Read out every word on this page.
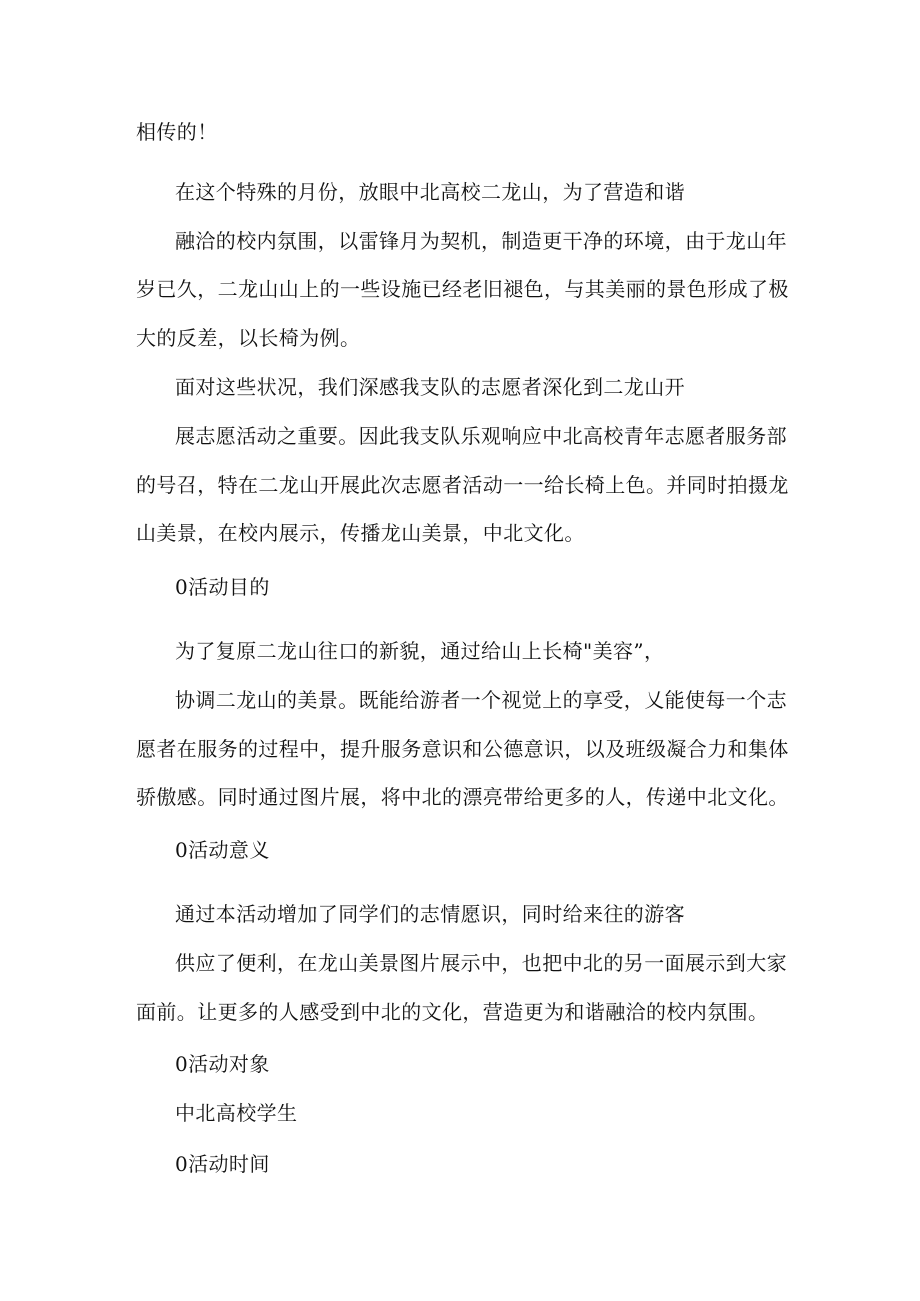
相传的！
在这个特殊的月份，放眼中北高校二龙山，为了营造和谐
融洽的校内氛围，以雷锋月为契机，制造更干净的环境，由于龙山年
岁已久，二龙山山上的一些设施已经老旧褪色，与其美丽的景色形成了极
大的反差，以长椅为例。
面对这些状况，我们深感我支队的志愿者深化到二龙山开
展志愿活动之重要。因此我支队乐观响应中北高校青年志愿者服务部
的号召，特在二龙山开展此次志愿者活动一一给长椅上色。并同时拍摄龙
山美景，在校内展示，传播龙山美景，中北文化。
0活动目的
为了复原二龙山往口的新貌，通过给山上长椅"美容”，
协调二龙山的美景。既能给游者一个视觉上的享受，乂能使每一个志
愿者在服务的过程中，提升服务意识和公德意识，以及班级凝合力和集体
骄傲感。同时通过图片展，将中北的漂亮带给更多的人，传递中北文化。
0活动意义
通过本活动增加了同学们的志情愿识，同时给来往的游客
供应了便利，在龙山美景图片展示中，也把中北的另一面展示到大家
面前。让更多的人感受到中北的文化，营造更为和谐融洽的校内氛围。
0活动对象
中北高校学生
0活动时间
